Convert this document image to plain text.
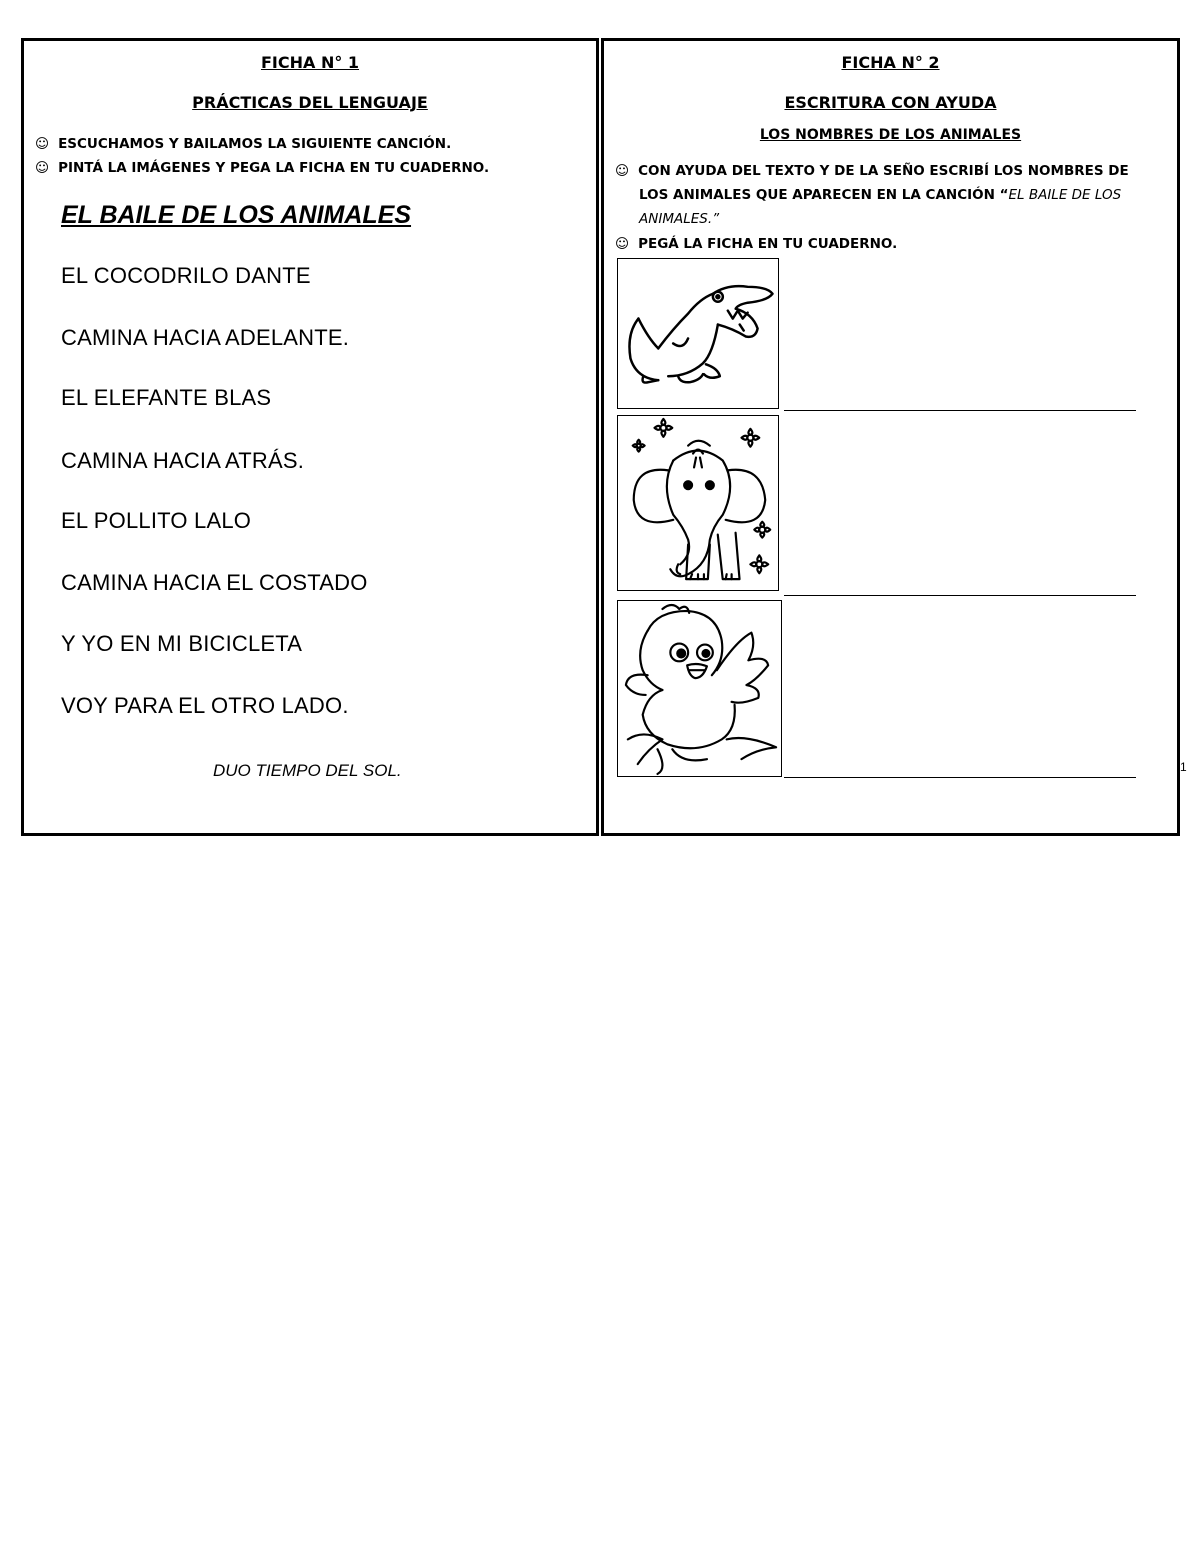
FICHA N° 1
PRÁCTICAS DEL LENGUAJE
☺ ESCUCHAMOS Y BAILAMOS LA SIGUIENTE CANCIÓN.
☺ PINTÁ LA IMÁGENES Y PEGA LA FICHA EN TU CUADERNO.
EL BAILE DE LOS ANIMALES
EL COCODRILO DANTE
CAMINA HACIA ADELANTE.
EL ELEFANTE BLAS
CAMINA HACIA ATRÁS.
EL POLLITO LALO
CAMINA HACIA EL COSTADO
Y YO EN MI BICICLETA
VOY PARA EL OTRO LADO.
DUO TIEMPO DEL SOL.
FICHA N° 2
ESCRITURA CON AYUDA
LOS NOMBRES DE LOS ANIMALES
☺ CON AYUDA DEL TEXTO Y DE LA SEÑO ESCRIBÍ LOS NOMBRES DE
LOS ANIMALES QUE APARECEN EN LA CANCIÓN “EL BAILE DE LOS
ANIMALES.”
☺ PEGÁ LA FICHA EN TU CUADERNO.
1
